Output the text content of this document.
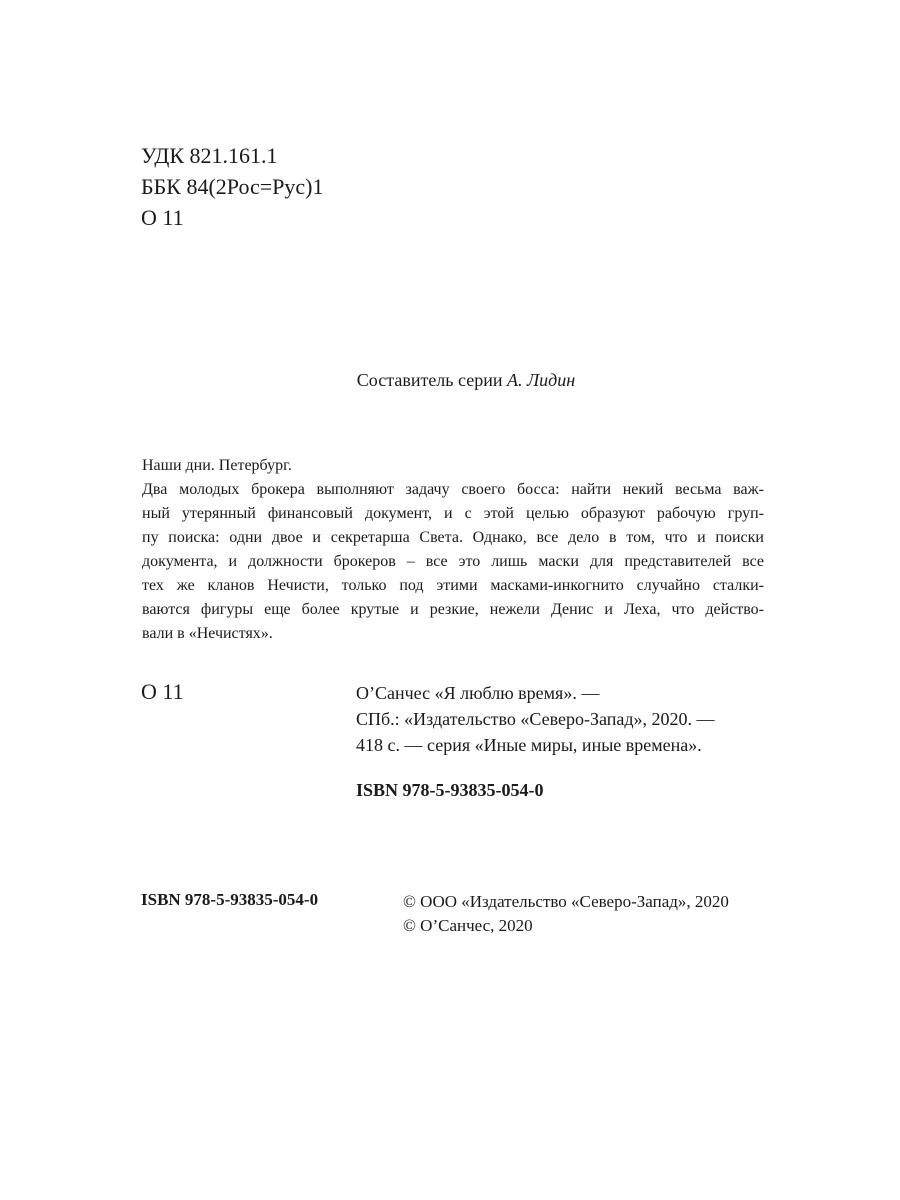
УДК 821.161.1
ББК 84(2Рос=Рус)1
О 11
Составитель серии А. Лидин
Наши дни. Петербург.
Два молодых брокера выполняют задачу своего босса: найти некий весьма важ-
ный утерянный финансовый документ, и с этой целью образуют рабочую груп-
пу поиска: одни двое и секретарша Света. Однако, все дело в том, что и поиски
документа, и должности брокеров – все это лишь маски для представителей все
тех же кланов Нечисти, только под этими масками-инкогнито случайно сталки-
ваются фигуры еще более крутые и резкие, нежели Денис и Леха, что действо-
вали в «Нечистях».
О 11	О’Санчес «Я люблю время». —
СПб.: «Издательство «Северо-Запад», 2020. —
418 с. — серия «Иные миры, иные времена».
ISBN 978-5-93835-054-0
ISBN 978-5-93835-054-0	© ООО «Издательство «Северо-Запад», 2020
© О’Санчес, 2020
